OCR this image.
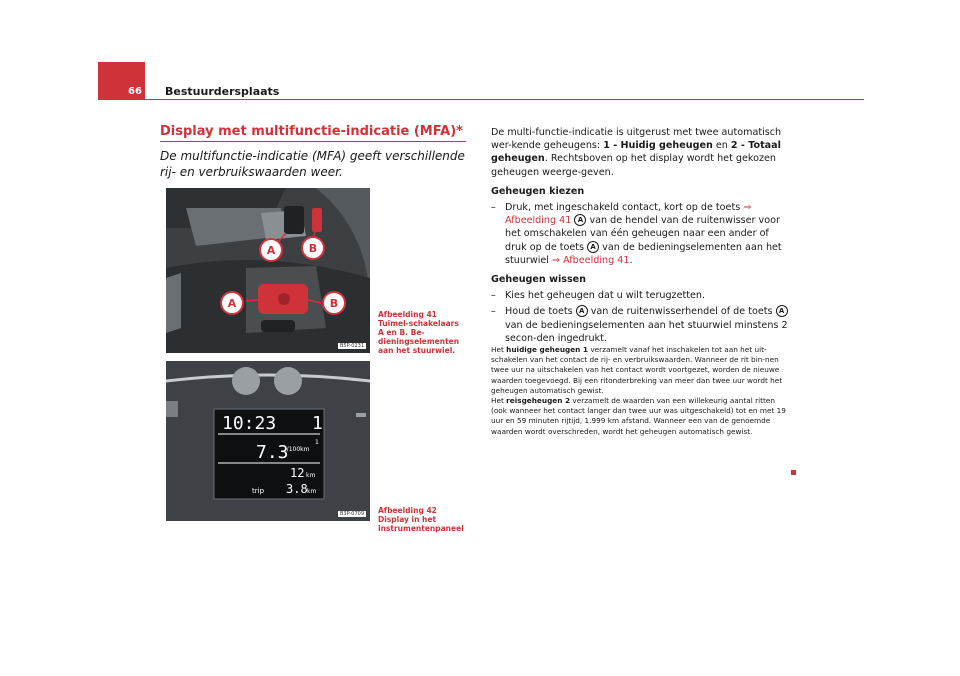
66 Bestuurdersplaats
Display met multifunctie-indicatie (MFA)*
De multifunctie-indicatie (MFA) geeft verschillende rij- en verbruikswaarden weer.
A	B
A	B
B5P-0231
Afbeelding 41 Tuimel-schakelaars A en B. Be-dieningselementen aan het stuurwiel.
10:23 1
7.3
l/100km
1
12 km
trip 3.8 km
B3P-0709 Afbeelding 42 Display in het instrumentenpaneel

De multi-functie-indicatie is uitgerust met twee automatisch wer-kende geheugens: 1 - Huidig geheugen en 2 - Totaal geheugen. Rechtsboven op het display wordt het gekozen geheugen weerge-geven.

Geheugen kiezen

– Druk, met ingeschakeld contact, kort op de toets ⇒ Afbeelding 41 A van de hendel van de ruitenwisser voor het omschakelen van één geheugen naar een ander of druk op de toets A van de bedieningselementen aan het stuurwiel ⇒ Afbeelding 41.

Geheugen wissen

– Kies het geheugen dat u wilt terugzetten.
– Houd de toets A van de ruitenwisserhendel of de toets A van de bedieningselementen aan het stuurwiel minstens 2 secon-den ingedrukt.

Het huidige geheugen 1 verzamelt vanaf het inschakelen tot aan het uit-schakelen van het contact de rij- en verbruikswaarden. Wanneer de rit bin-nen twee uur na uitschakelen van het contact wordt voortgezet, worden de nieuwe waarden toegevoegd. Bij een ritonderbreking van meer dan twee uur wordt het geheugen automatisch gewist.

Het reisgeheugen 2 verzamelt de waarden van een willekeurig aantal ritten (ook wanneer het contact langer dan twee uur was uitgeschakeld) tot en met 19 uur en 59 minuten rijtijd, 1.999 km afstand. Wanneer een van de genoemde waarden wordt overschreden, wordt het geheugen automatisch gewist.
